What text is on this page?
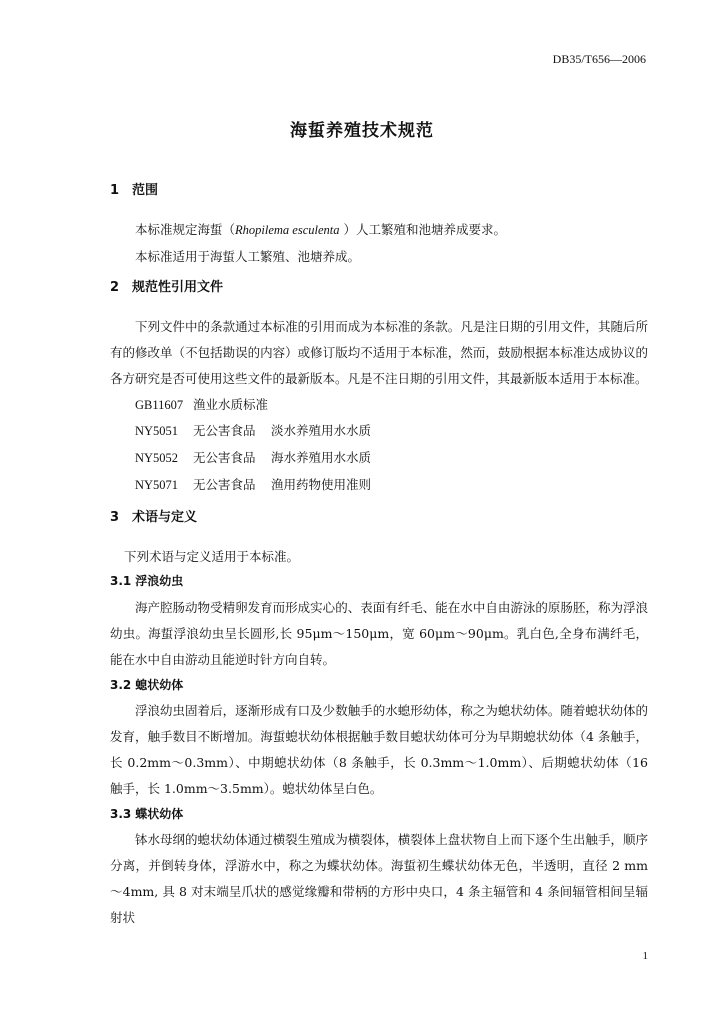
DB35/T656—2006
海蜇养殖技术规范

1 范围

本标准规定海蜇（Rhopilema esculenta ）人工繁殖和池塘养成要求。

本标准适用于海蜇人工繁殖、池塘养成。

2 规范性引用文件

下列文件中的条款通过本标准的引用而成为本标准的条款。凡是注日期的引用文件，其随后所有的修改单（不包括勘误的内容）或修订版均不适用于本标准，然而，鼓励根据本标准达成协议的各方研究是否可使用这些文件的最新版本。凡是不注日期的引用文件，其最新版本适用于本标准。

GB11607 渔业水质标准

NY5051 无公害食品 淡水养殖用水水质

NY5052 无公害食品 海水养殖用水水质

NY5071 无公害食品 渔用药物使用准则

3 术语与定义

下列术语与定义适用于本标准。

3.1 浮浪幼虫

海产腔肠动物受精卵发育而形成实心的、表面有纤毛、能在水中自由游泳的原肠胚，称为浮浪幼虫。海蜇浮浪幼虫呈长圆形,长 95μm～150μm，宽 60μm～90μm。乳白色,全身布满纤毛，能在水中自由游动且能逆时针方向自转。

3.2 螅状幼体

浮浪幼虫固着后，逐渐形成有口及少数触手的水螅形幼体，称之为螅状幼体。随着螅状幼体的发育，触手数目不断增加。海蜇螅状幼体根据触手数目螅状幼体可分为早期螅状幼体（4 条触手，长 0.2mm～0.3mm）、中期螅状幼体（8 条触手，长 0.3mm～1.0mm）、后期螅状幼体（16 触手，长 1.0mm～3.5mm）。螅状幼体呈白色。

3.3 蝶状幼体

钵水母纲的螅状幼体通过横裂生殖成为横裂体，横裂体上盘状物自上而下逐个生出触手，顺序分离，并倒转身体，浮游水中，称之为蝶状幼体。海蜇初生蝶状幼体无色，半透明，直径 2 mm～4mm, 具 8 对末端呈爪状的感觉缘瓣和带柄的方形中央口，4 条主辐管和 4 条间辐管相间呈辐射状

1
